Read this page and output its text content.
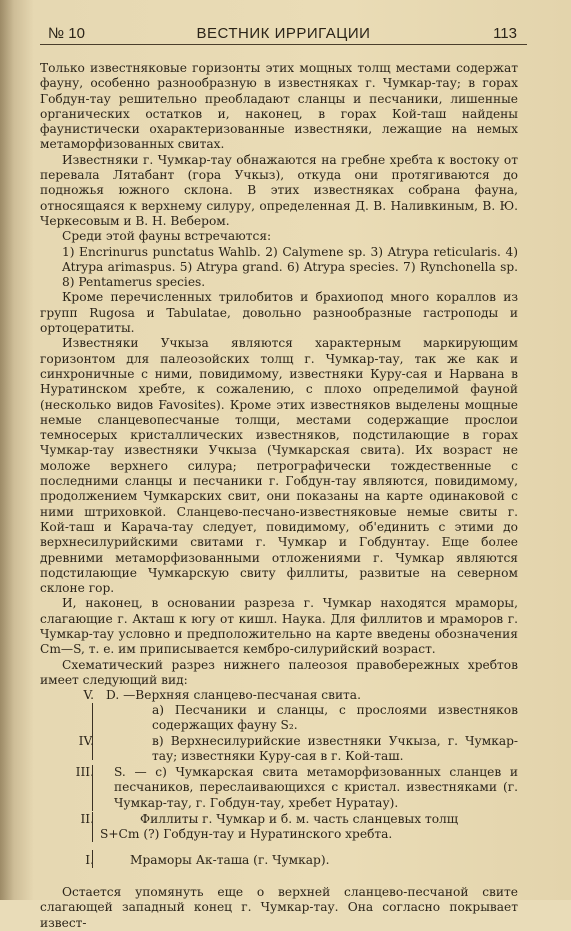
№ 10	ВЕСТНИК ИРРИГАЦИИ	113

Только известняковые горизонты этих мощных толщ местами содержат фауну, особенно разнообразную в известняках г. Чумкар-тау; в горах Гобдун-тау решительно преобладают сланцы и песчаники, лишенные органических остатков и, наконец, в горах Кой-таш найдены фаунистически охарактеризованные известняки, лежащие на немых метаморфизованных свитах.

Известняки г. Чумкар-тау обнажаются на гребне хребта к востоку от перевала Лятабант (гора Учкыз), откуда они протягиваются до подножья южного склона. В этих известняках собрана фауна, относящаяся к верхнему силуру, определенная Д. В. Наливкиным, В. Ю. Черкесовым и В. Н. Вебером.

Среди этой фауны встречаются:

1) Encrinurus punctatus Wahlb. 2) Calymene sp. 3) Atrypa reticularis. 4) Atrypa arimaspus. 5) Atrypa grand. 6) Atrypa species. 7) Rynchonella sp. 8) Pentamerus species.

Кроме перечисленных трилобитов и брахиопод много кораллов из групп Rugosa и Tabulatae, довольно разнообразные гастроподы и ортоцератиты.

Известняки Учкыза являются характерным маркирующим горизонтом для палеозойских толщ г. Чумкар-тау, так же как и синхроничные с ними, повидимому, известняки Куру-сая и Нарвана в Нуратинском хребте, к сожалению, с плохо определимой фауной (несколько видов Favosites). Кроме этих известняков выделены мощные немые сланцевопесчаные толщи, местами содержащие прослои темносерых кристаллических известняков, подстилающие в горах Чумкар-тау известняки Учкыза (Чумкарская свита). Их возраст не моложе верхнего силура; петрографически тождественные с последними сланцы и песчаники г. Гобдун-тау являются, повидимому, продолжением Чумкарских свит, они показаны на карте одинаковой с ними штриховкой. Сланцево-песчано-известняковые немые свиты г. Кой-таш и Карача-тау следует, повидимому, об'единить с этими до верхнесилурийскими свитами г. Чумкар и Гобдунтау. Еще более древними метаморфизованными отложениями г. Чумкар являются подстилающие Чумкарскую свиту филлиты, развитые на северном склоне гор.

И, наконец, в основании разреза г. Чумкар находятся мраморы, слагающие г. Акташ к югу от кишл. Наука. Для филлитов и мраморов г. Чумкар-тау условно и предположительно на карте введены обозначения Cm—S, т. е. им приписывается кембро-силурийский возраст.

Схематический разрез нижнего палеозоя правобережных хребтов имеет следующий вид:

V. D. —Верхняя сланцево-песчаная свита.
а) Песчаники и сланцы, с прослоями известняков содержащих фауну S₂.
IV.	в) Верхнесилурийские известняки Учкыза, г. Чумкар-тау; известняки Куру-сая в г. Кой-таш.
III. S. — с) Чумкарская свита метаморфизованных сланцев и песчаников, переслаивающихся с кристал. известняками (г. Чумкар-тау, г. Гобдун-тау, хребет Нуратау).
II.	Филлиты г. Чумкар и б. м. часть сланцевых толщ
S+Cm (?) Гобдун-тау и Нуратинского хребта.
I.	Мраморы Ак-таша (г. Чумкар).

Остается упомянуть еще о верхней сланцево-песчаной свите слагающей западный конец г. Чумкар-тау. Она согласно покрывает извест-
